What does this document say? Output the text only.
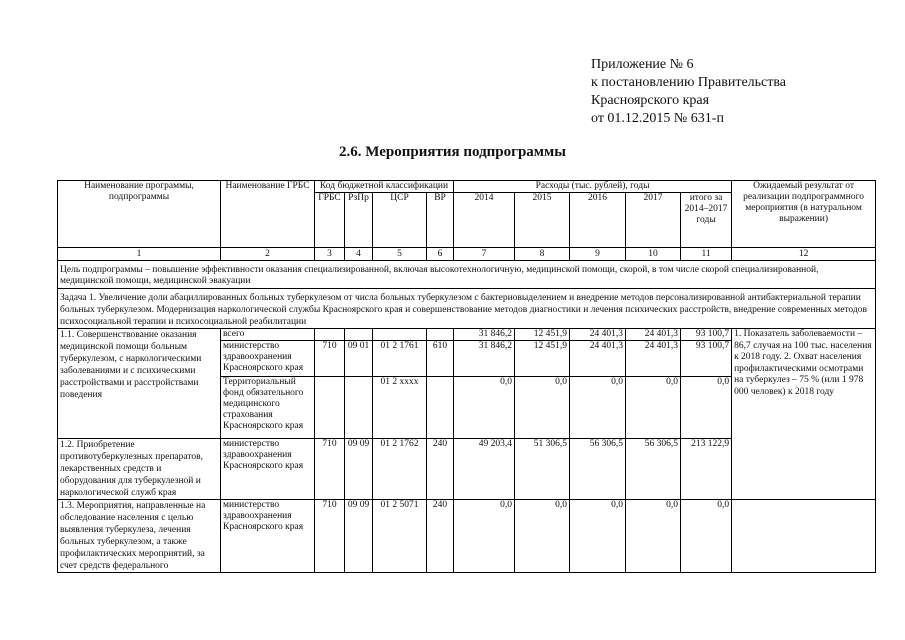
Приложение № 6
к постановлению Правительства
Красноярского края
от 01.12.2015 № 631-п
2.6. Мероприятия подпрограммы
Наименование программы, подпрограммы	Наименование ГРБС	Код бюджетной классификации				Расходы (тыс. рублей), годы					Ожидаемый результат от реализации подпрограммного мероприятия (в натуральном выражении)
		ГРБС	РзПр	ЦСР	ВР	2014	2015	2016	2017	итого за 2014–2017 годы	
1	2	3	4	5	6	7	8	9	10	11	12
Цель подпрограммы – повышение эффективности оказания специализированной, включая высокотехнологичную, медицинской помощи, скорой, в том числе скорой специализированной, медицинской помощи, медицинской эвакуации											
Задача 1. Увеличение доли абациллированных больных туберкулезом от числа больных туберкулезом с бактериовыделением и внедрение методов персонализированной антибактериальной терапии больных туберкулезом. Модернизация наркологической службы Красноярского края и совершенствование методов диагностики и лечения психических расстройств, внедрение современных методов психосоциальной терапии и психосоциальной реабилитации											
1.1. Совершенствование оказания медицинской помощи больным туберкулезом, с наркологическими заболеваниями и с психическими расстройствами и расстройствами поведения	всего					31 846,2	12 451,9	24 401,3	24 401,3	93 100,7	1. Показатель заболеваемости – 86,7 случая на 100 тыс. населения к 2018 году. 2. Охват населения профилактическими осмотрами на туберкулез – 75 % (или 1 978 000 человек) к 2018 году
	министерство здравоохранения Красноярского края	710	09 01	01 2 1761	610	31 846,2	12 451,9	24 401,3	24 401,3	93 100,7	
	Территориальный фонд обязательного медицинского страхования Красноярского края			01 2 хххх		0,0	0,0	0,0	0,0	0,0	
1.2. Приобретение противотуберкулезных препаратов, лекарственных средств и оборудования для туберкулезной и наркологической служб края	министерство здравоохранения Красноярского края	710	09 09	01 2 1762	240	49 203,4	51 306,5	56 306,5	56 306,5	213 122,9	
1.3. Мероприятия, направленные на обследование населения с целью выявления туберкулеза, лечения больных туберкулезом, а также профилактических мероприятий, за счет средств федерального	министерство здравоохранения Красноярского края	710	09 09	01 2 5071	240	0,0	0,0	0,0	0,0	0,0	
